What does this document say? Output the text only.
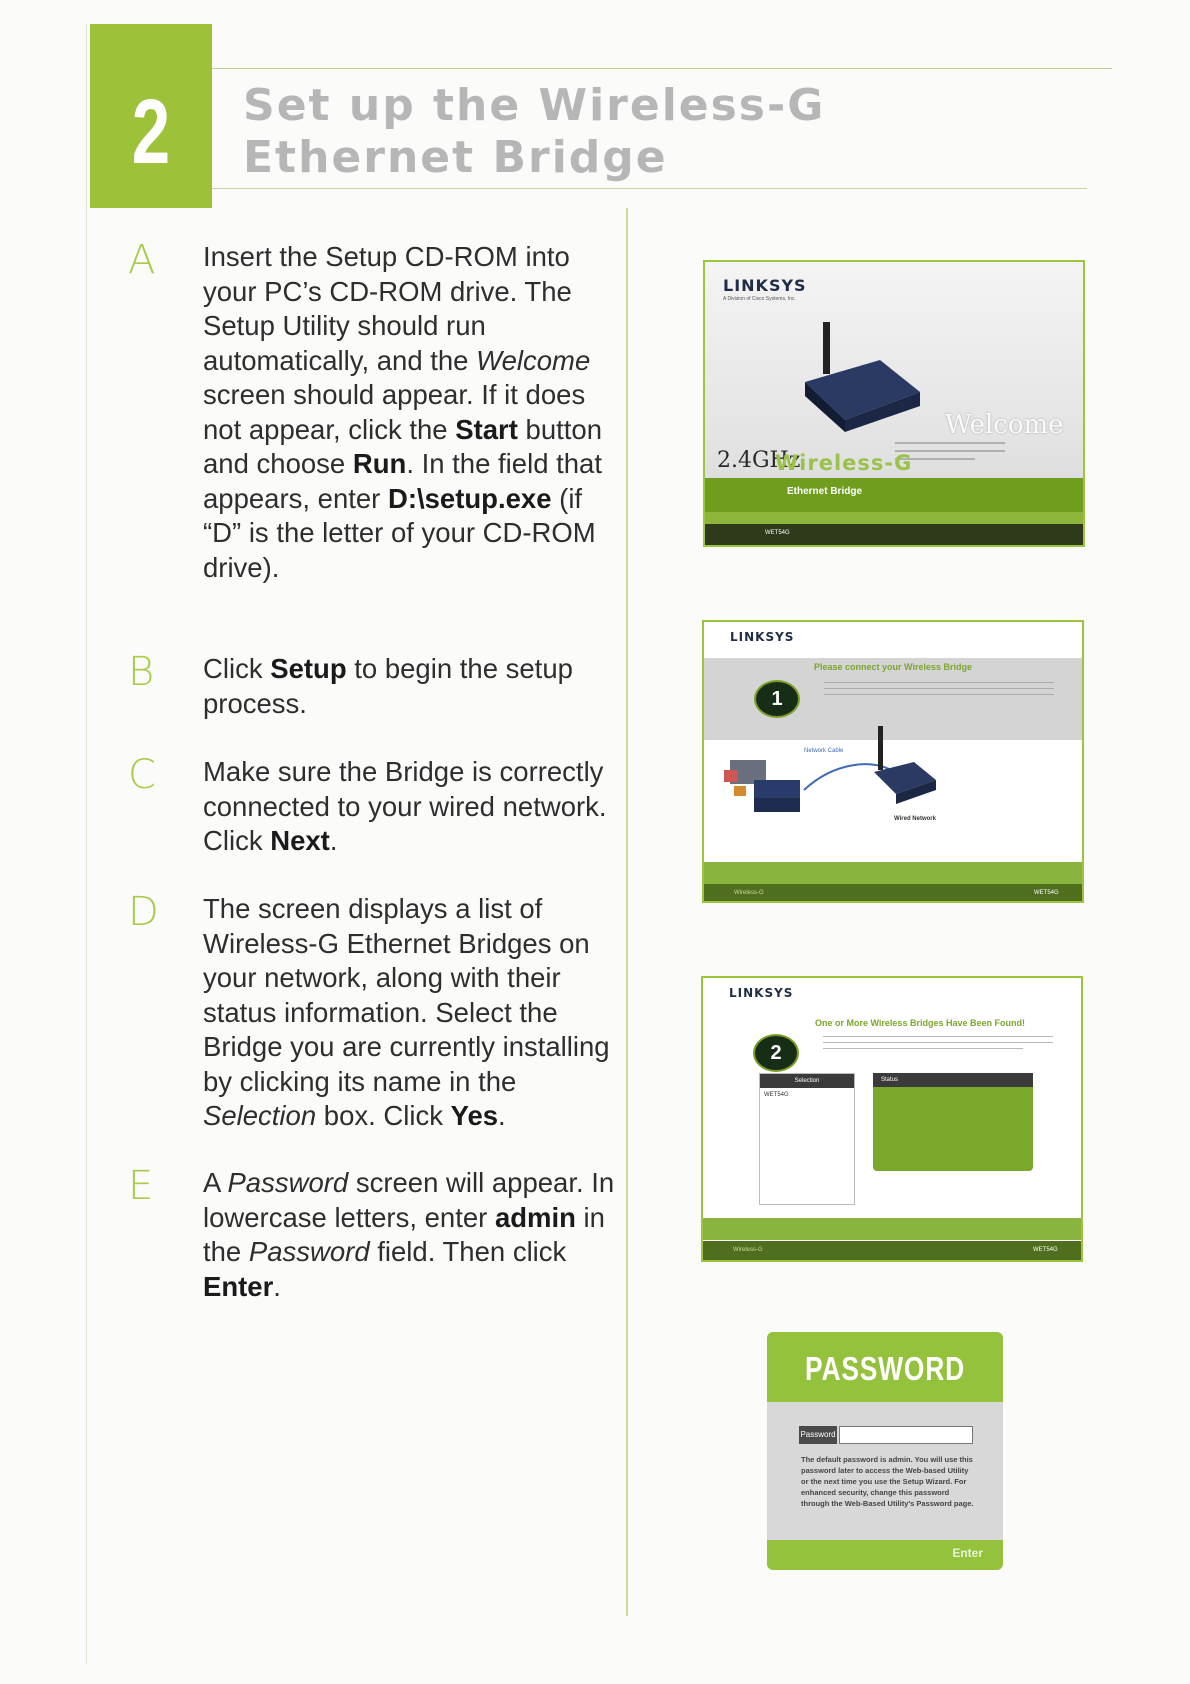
2	Set up the Wireless-G
Ethernet Bridge
A Insert the Setup CD-ROM into your PC’s CD-ROM drive. The Setup Utility should run automatically, and the Welcome screen should appear. If it does not appear, click the Start button and choose Run. In the field that appears, enter D:\setup.exe (if “D” is the letter of your CD-ROM drive).

B Click Setup to begin the setup process.

C Make sure the Bridge is correctly connected to your wired network. Click Next.

D The screen displays a list of Wireless-G Ethernet Bridges on your network, along with their status information. Select the Bridge you are currently installing by clicking its name in the Selection box. Click Yes.

E A Password screen will appear. In lowercase letters, enter admin in the Password field. Then click Enter.

LINKSYS
A Division of Cisco Systems, Inc.
Welcome
2.4GHz
Wireless-G
Ethernet Bridge
WET54G
LINKSYS
Please connect your Wireless Bridge
1
Network Cable
Wired Network
Wireless-G	WET54G
LINKSYS
One or More Wireless Bridges Have Been Found!
2
Selection
WET54G
Status
Wireless-G	WET54G
PASSWORD
Password

The default password is admin. You will use this password later to access the Web-based Utility or the next time you use the Setup Wizard. For enhanced security, change this password through the Web-Based Utility's Password page.

Enter
